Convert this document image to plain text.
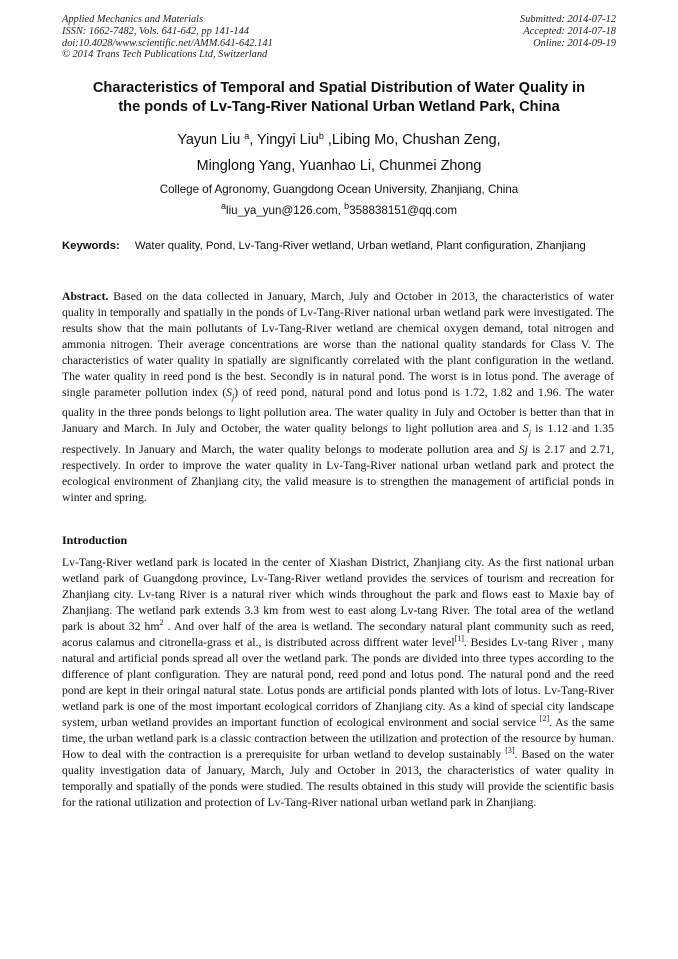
Applied Mechanics and Materials
ISSN: 1662-7482, Vols. 641-642, pp 141-144
doi:10.4028/www.scientific.net/AMM.641-642.141
© 2014 Trans Tech Publications Ltd, Switzerland
Submitted: 2014-07-12
Accepted: 2014-07-18
Online: 2014-09-19
Characteristics of Temporal and Spatial Distribution of Water Quality in
the ponds of Lv-Tang-River National Urban Wetland Park, China
Yayun Liu $^a$, Yingyi Liu$^b$ ,Libing Mo, Chushan Zeng,
Minglong Yang, Yuanhao Li, Chunmei Zhong
College of Agronomy, Guangdong Ocean University, Zhanjiang, China
$^a$liu_ya_yun@126.com, $^b$358838151@qq.com
Keywords: Water quality, Pond, Lv-Tang-River wetland, Urban wetland, Plant configuration, Zhanjiang
Abstract. Based on the data collected in January, March, July and October in 2013, the characteristics of water quality in temporally and spatially in the ponds of Lv-Tang-River national urban wetland park were investigated. The results show that the main pollutants of Lv-Tang-River wetland are chemical oxygen demand, total nitrogen and ammonia nitrogen. Their average concentrations are worse than the national quality standards for Class V. The characteristics of water quality in spatially are significantly correlated with the plant configuration in the wetland. The water quality in reed pond is the best. Secondly is in natural pond. The worst is in lotus pond. The average of single parameter pollution index $(S_j)$ of reed pond, natural pond and lotus pond is 1.72, 1.82 and 1.96. The water quality in the three ponds belongs to light pollution area. The water quality in July and October is better than that in January and March. In July and October, the water quality belongs to light pollution area and $S_j$ is 1.12 and 1.35 respectively. In January and March, the water quality belongs to moderate pollution area and Sj is 2.17 and 2.71, respectively. In order to improve the water quality in Lv-Tang-River national urban wetland park and protect the ecological environment of Zhanjiang city, the valid measure is to strengthen the management of artificial ponds in winter and spring.
Introduction
Lv-Tang-River wetland park is located in the center of Xiashan District, Zhanjiang city. As the first national urban wetland park of Guangdong province, Lv-Tang-River wetland provides the services of tourism and recreation for Zhanjiang city. Lv-tang River is a natural river which winds throughout the park and flows east to Maxie bay of Zhanjiang. The wetland park extends 3.3 km from west to east along Lv-tang River. The total area of the wetland park is about 32 $hm^2$ . And over half of the area is wetland. The secondary natural plant community such as reed, acorus calamus and citronella-grass et al., is distributed across diffrent water level[1]. Besides Lv-tang River , many natural and artificial ponds spread all over the wetland park. The ponds are divided into three types according to the difference of plant configuration. They are natural pond, reed pond and lotus pond. The natural pond and the reed pond are kept in their oringal natural state. Lotus ponds are artificial ponds planted with lots of lotus. Lv-Tang-River wetland park is one of the most important ecological corridors of Zhanjiang city. As a kind of special city landscape system, urban wetland provides an important function of ecological environment and social service [2]. As the same time, the urban wetland park is a classic contraction between the utilization and protection of the resource by human. How to deal with the contraction is a prerequisite for urban wetland to develop sustainably [3]. Based on the water quality investigation data of January, March, July and October in 2013, the characteristics of water quality in temporally and spatially of the ponds were studied. The results obtained in this study will provide the scientific basis for the rational utilization and protection of Lv-Tang-River national urban wetland park in Zhanjiang.
